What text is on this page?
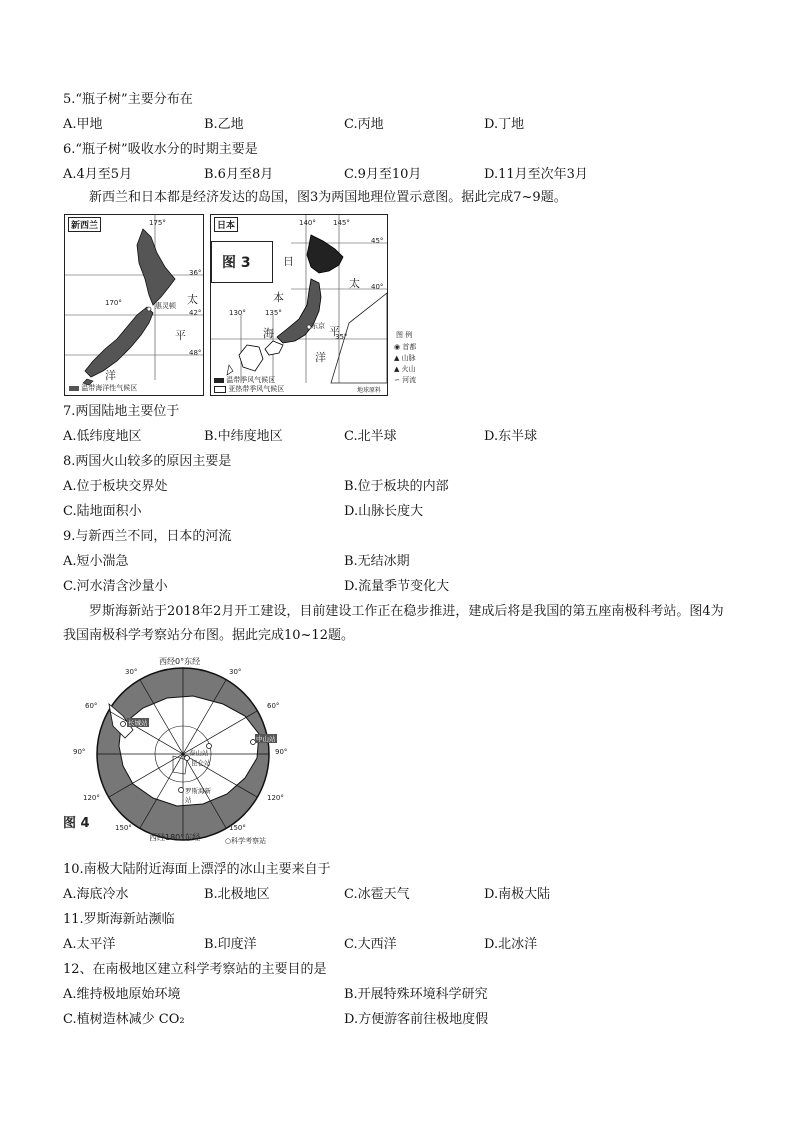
5.“瓶子树”主要分布在
A.甲地	B.乙地	C.丙地	D.丁地
6.“瓶子树”吸收水分的时期主要是
A.4月至5月	B.6月至8月	C.9月至10月	D.11月至次年3月
新西兰和日本都是经济发达的岛国，图3为两国地理位置示意图。据此完成7~9题。
新西兰	175°
36°
42°
48°
170°	惠灵顿 太
平
洋
温带海洋性气候区
日本
图 3
140° 145°
130°	135°
45°
40°
35°
日
本
海
太
平
洋
东京
温带季风气候区
亚热带季风气候区	地球原料
图 例
◉ 首都
▲ 山脉
▲ 火山
∽ 河流
7.两国陆地主要位于
A.低纬度地区	B.中纬度地区	C.北半球	D.东半球
8.两国火山较多的原因主要是
A.位于板块交界处	B.位于板块的内部
C.陆地面积小	D.山脉长度大
9.与新西兰不同，日本的河流
A.短小湍急	B.无结冰期
C.河水清含沙量小	D.流量季节变化大
罗斯海新站于2018年2月开工建设，目前建设工作正在稳步推进，建成后将是我国的第五座南极科考站。图4为我国南极科学考察站分布图。据此完成10~12题。
西经0°东经
西经180°东经
30°	30°
60°	60°
90°	90°
120°	120°
150°	150°
长城站
中山站
泰山站
昆仑站
罗斯海新站
图 4
○科学考察站
10.南极大陆附近海面上漂浮的冰山主要来自于
A.海底冷水	B.北极地区	C.冰雹天气	D.南极大陆
11.罗斯海新站濒临
A.太平洋	B.印度洋	C.大西洋	D.北冰洋
12、在南极地区建立科学考察站的主要目的是
A.维持极地原始环境	B.开展特殊环境科学研究
C.植树造林减少 CO₂	D.方便游客前往极地度假
